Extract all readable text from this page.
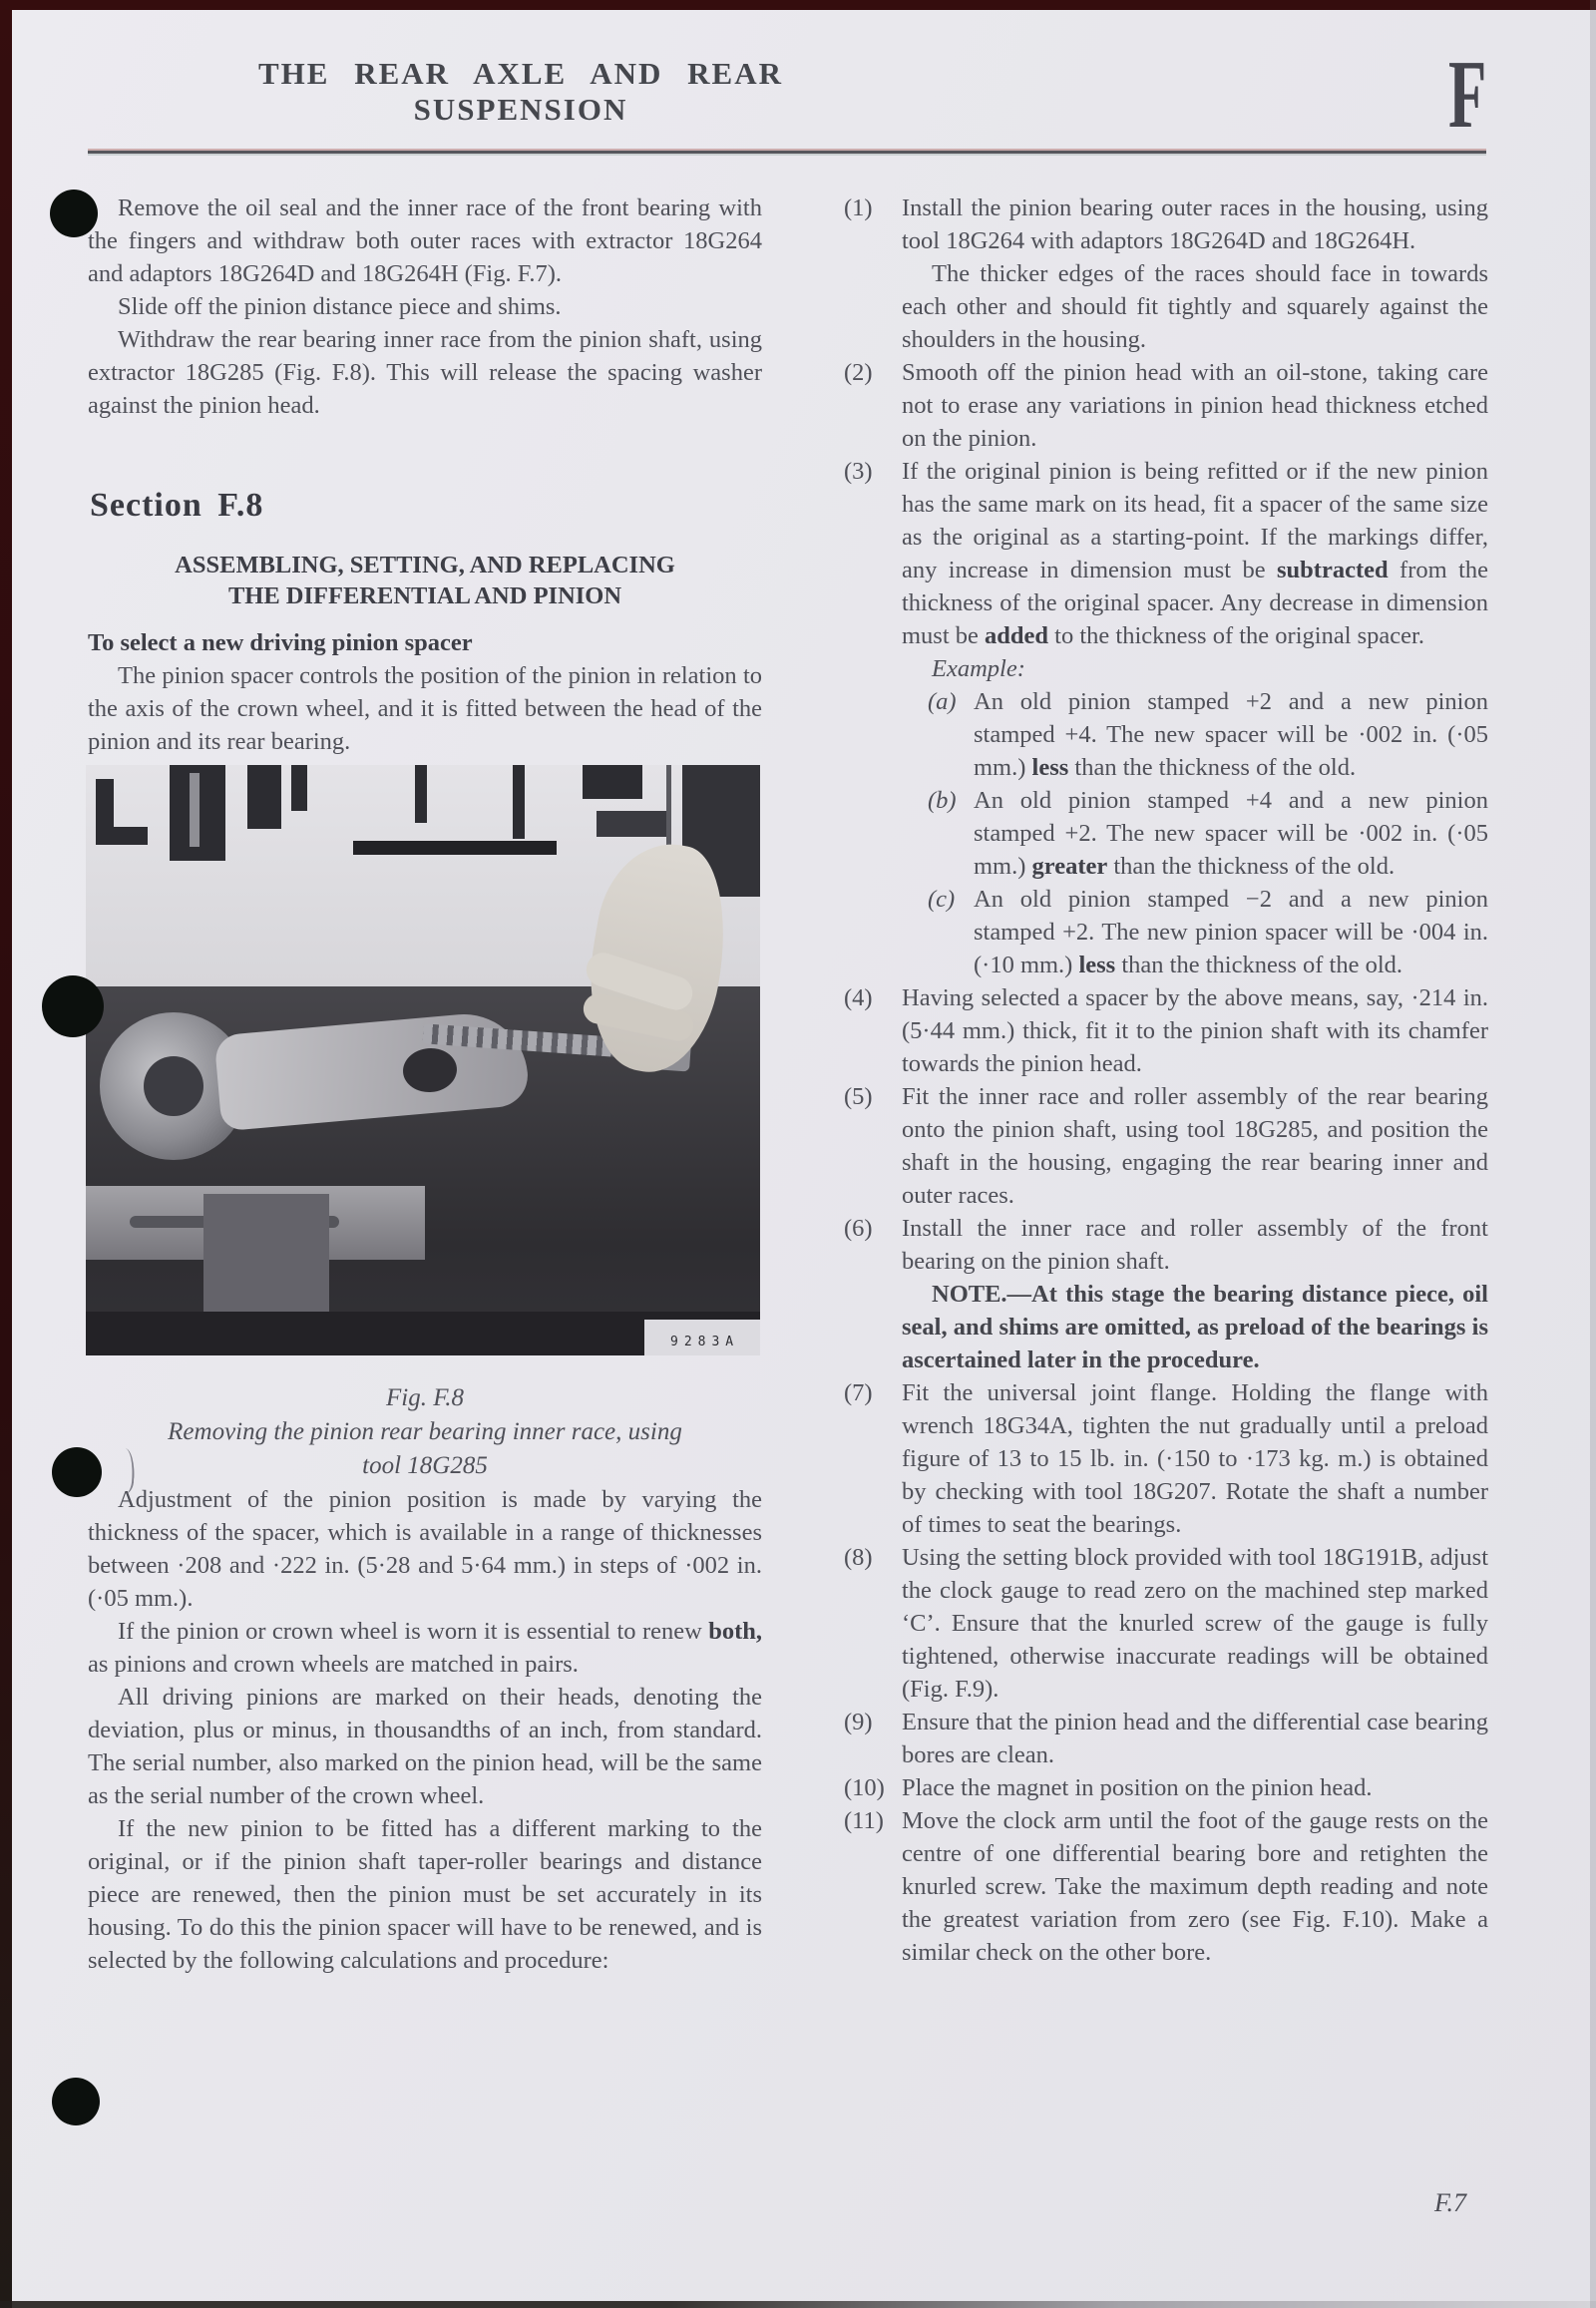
THE REAR AXLE AND REAR SUSPENSION	F

Remove the oil seal and the inner race of the front bearing with the fingers and withdraw both outer races with extractor 18G264 and adaptors 18G264D and 18G264H (Fig. F.7).

Slide off the pinion distance piece and shims.

Withdraw the rear bearing inner race from the pinion shaft, using extractor 18G285 (Fig. F.8). This will release the spacing washer against the pinion head.

Section F.8
ASSEMBLING, SETTING, AND REPLACING
THE DIFFERENTIAL AND PINION
To select a new driving pinion spacer

The pinion spacer controls the position of the pinion in relation to the axis of the crown wheel, and it is fitted between the head of the pinion and its rear bearing.

9283A
Fig. F.8
Removing the pinion rear bearing inner race, using
tool 18G285

Adjustment of the pinion position is made by varying the thickness of the spacer, which is available in a range of thicknesses between ·208 and ·222 in. (5·28 and 5·64 mm.) in steps of ·002 in. (·05 mm.).

If the pinion or crown wheel is worn it is essential to renew both, as pinions and crown wheels are matched in pairs.

All driving pinions are marked on their heads, denoting the deviation, plus or minus, in thousandths of an inch, from standard. The serial number, also marked on the pinion head, will be the same as the serial number of the crown wheel.

If the new pinion to be fitted has a different marking to the original, or if the pinion shaft taper-roller bearings and distance piece are renewed, then the pinion must be set accurately in its housing. To do this the pinion spacer will have to be renewed, and is selected by the following calculations and procedure:

(1)	Install the pinion bearing outer races in the housing, using tool 18G264 with adaptors 18G264D and 18G264H.
The thicker edges of the races should face in towards each other and should fit tightly and squarely against the shoulders in the housing.
(2)	Smooth off the pinion head with an oil-stone, taking care not to erase any variations in pinion head thickness etched on the pinion.
(3)	If the original pinion is being refitted or if the new pinion has the same mark on its head, fit a spacer of the same size as the original as a starting-point. If the markings differ, any increase in dimension must be subtracted from the thickness of the original spacer. Any decrease in dimension must be added to the thickness of the original spacer.
Example:
(a) An old pinion stamped +2 and a new pinion stamped +4. The new spacer will be ·002 in. (·05 mm.) less than the thickness of the old.
(b) An old pinion stamped +4 and a new pinion stamped +2. The new spacer will be ·002 in. (·05 mm.) greater than the thickness of the old.
(c) An old pinion stamped −2 and a new pinion stamped +2. The new pinion spacer will be ·004 in. (·10 mm.) less than the thickness of the old.
(4)	Having selected a spacer by the above means, say, ·214 in. (5·44 mm.) thick, fit it to the pinion shaft with its chamfer towards the pinion head.
(5)	Fit the inner race and roller assembly of the rear bearing onto the pinion shaft, using tool 18G285, and position the shaft in the housing, engaging the rear bearing inner and outer races.
(6)	Install the inner race and roller assembly of the front bearing on the pinion shaft.
NOTE.—At this stage the bearing distance piece, oil seal, and shims are omitted, as preload of the bearings is ascertained later in the procedure.
(7)	Fit the universal joint flange. Holding the flange with wrench 18G34A, tighten the nut gradually until a preload figure of 13 to 15 lb. in. (·150 to ·173 kg. m.) is obtained by checking with tool 18G207. Rotate the shaft a number of times to seat the bearings.
(8)	Using the setting block provided with tool 18G191B, adjust the clock gauge to read zero on the machined step marked ‘C’. Ensure that the knurled screw of the gauge is fully tightened, otherwise inaccurate readings will be obtained (Fig. F.9).
(9)	Ensure that the pinion head and the differential case bearing bores are clean.
(10) Place the magnet in position on the pinion head.
(11) Move the clock arm until the foot of the gauge rests on the centre of one differential bearing bore and retighten the knurled screw. Take the maximum depth reading and note the greatest variation from zero (see Fig. F.10). Make a similar check on the other bore.
F.7
